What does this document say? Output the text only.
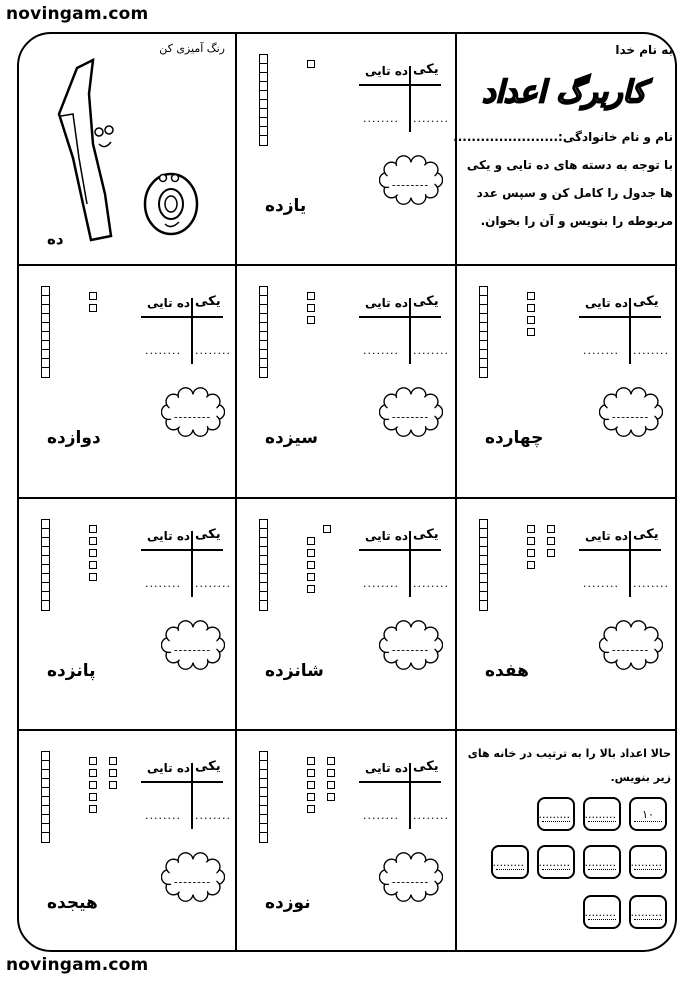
novingam.com
novingam.com
به نام خدا
کاربرگ اعداد
نام و نام خانوادگی:.......................
با توجه به دسته های ده تایی و یکی
ها جدول را کامل کن و سپس عدد
مربوطه را بنویس و آن را بخوان.
رنگ آمیزی کن
ده
حالا اعداد بالا را به ترتیب در خانه های
زیر بنویس.
١٠
.........
.........
.........
.........
.........
.........
.........
.........
یکی
ده تایی
........ ........
یازده
یکی
ده تایی
........ ........
دوازده
یکی
ده تایی
........ ........
سیزده
یکی
ده تایی
........ ........
چهارده
یکی
ده تایی
........ ........
پانزده
یکی
ده تایی
........ ........
شانزده
یکی
ده تایی
........ ........
هفده
یکی
ده تایی
........ ........
هیجده
یکی
ده تایی
........ ........
نوزده
